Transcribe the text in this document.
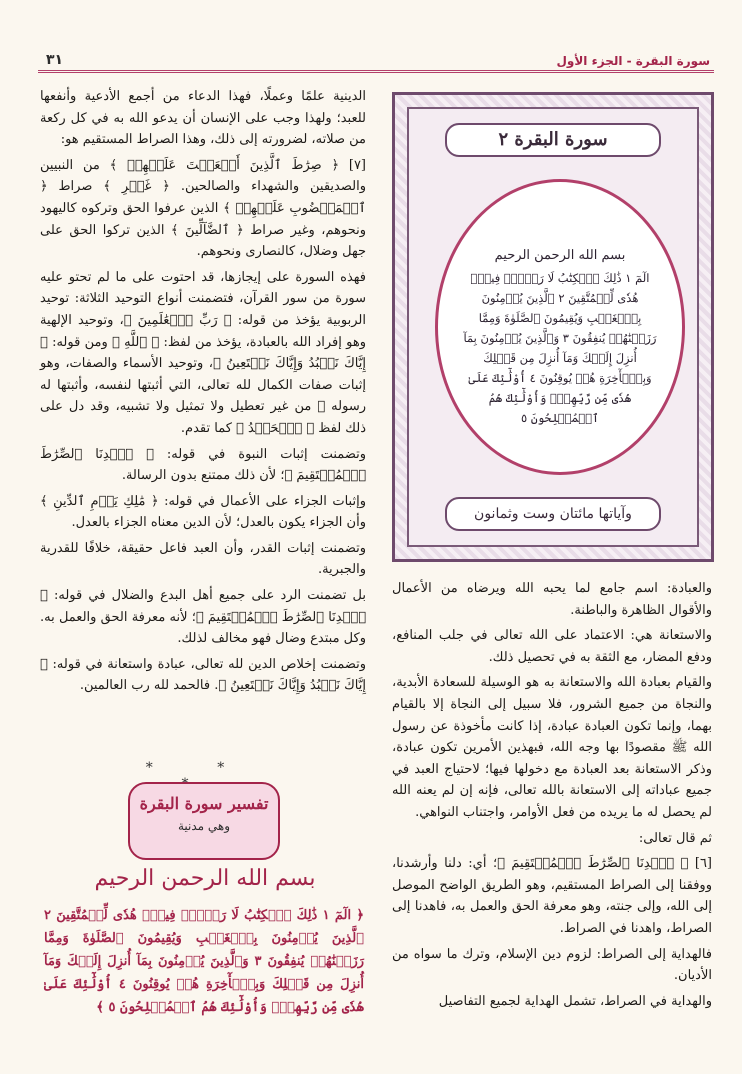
٣١	سورة البقرة - الجزء الأول

الدينية علمًا وعملًا، فهذا الدعاء من أجمع الأدعية وأنفعها للعبد؛ ولهذا وجب على الإنسان أن يدعو الله به في كل ركعة من صلاته، لضرورته إلى ذلك، وهذا الصراط المستقيم هو:

[٧] ﴿ صِرَٰطَ ٱلَّذِينَ أَنۡعَمۡتَ عَلَيۡهِمۡ ﴾ من النبيين والصديقين والشهداء والصالحين. ﴿ غَيۡرِ ﴾ صراط ﴿ ٱلۡمَغۡضُوبِ عَلَيۡهِمۡ ﴾ الذين عرفوا الحق وتركوه كاليهود ونحوهم، وغير صراط ﴿ ٱلضَّآلِّينَ ﴾ الذين تركوا الحق على جهل وضلال، كالنصارى ونحوهم.

فهذه السورة على إيجازها، قد احتوت على ما لم تحتو عليه سورة من سور القرآن، فتضمنت أنواع التوحيد الثلاثة: توحيد الربوبية يؤخذ من قوله: ﴿ رَبِّ ٱلۡعَٰلَمِينَ ﴾، وتوحيد الإلهية وهو إفراد الله بالعبادة، يؤخذ من لفظ: ﴿ ٱللَّهِ ﴾ ومن قوله: ﴿ إِيَّاكَ نَعۡبُدُ وَإِيَّاكَ نَسۡتَعِينُ ﴾، وتوحيد الأسماء والصفات، وهو إثبات صفات الكمال لله تعالى، التي أثبتها لنفسه، وأثبتها له رسوله ﷺ من غير تعطيل ولا تمثيل ولا تشبيه، وقد دل على ذلك لفظ ﴿ ٱلۡحَمۡدُ ﴾ كما تقدم.

وتضمنت إثبات النبوة في قوله: ﴿ ٱهۡدِنَا ٱلصِّرَٰطَ ٱلۡمُسۡتَقِيمَ ﴾؛ لأن ذلك ممتنع بدون الرسالة.

وإثبات الجزاء على الأعمال في قوله: ﴿ مَٰلِكِ يَوۡمِ ٱلدِّينِ ﴾ وأن الجزاء يكون بالعدل؛ لأن الدين معناه الجزاء بالعدل.

وتضمنت إثبات القدر، وأن العبد فاعل حقيقة، خلافًا للقدرية والجبرية.

بل تضمنت الرد على جميع أهل البدع والضلال في قوله: ﴿ ٱهۡدِنَا ٱلصِّرَٰطَ ٱلۡمُسۡتَقِيمَ ﴾؛ لأنه معرفة الحق والعمل به. وكل مبتدع وضال فهو مخالف لذلك.

وتضمنت إخلاص الدين لله تعالى، عبادة واستعانة في قوله: ﴿ إِيَّاكَ نَعۡبُدُ وَإِيَّاكَ نَسۡتَعِينُ ﴾. فالحمد لله رب العالمين.

* *
تفسير سورة البقرة
وهي مدنية
بسم الله الرحمن الرحيم
﴿ الٓمٓ ١ ذَٰلِكَ ٱلۡكِتَٰبُ لَا رَيۡبَۛ فِيهِۛ هُدٗى لِّلۡمُتَّقِينَ ٢ ٱلَّذِينَ يُؤۡمِنُونَ بِٱلۡغَيۡبِ وَيُقِيمُونَ ٱلصَّلَوٰةَ وَمِمَّا رَزَقۡنَٰهُمۡ يُنفِقُونَ ٣ وَٱلَّذِينَ يُؤۡمِنُونَ بِمَآ أُنزِلَ إِلَيۡكَ وَمَآ أُنزِلَ مِن قَبۡلِكَ وَبِٱلۡأٓخِرَةِ هُمۡ يُوقِنُونَ ٤ أُوْلَٰٓئِكَ عَلَىٰ هُدٗى مِّن رَّبِّهِمۡۖ وَأُوْلَٰٓئِكَ هُمُ ٱلۡمُفۡلِحُونَ ٥ ﴾
سورة البقرة ٢
بسم الله الرحمن الرحيم
الٓمٓ ١ ذَٰلِكَ ٱلۡكِتَٰبُ لَا رَيۡبَۛ فِيهِۛ هُدٗى لِّلۡمُتَّقِينَ ٢ ٱلَّذِينَ يُؤۡمِنُونَ بِٱلۡغَيۡبِ وَيُقِيمُونَ ٱلصَّلَوٰةَ وَمِمَّا رَزَقۡنَٰهُمۡ يُنفِقُونَ ٣ وَٱلَّذِينَ يُؤۡمِنُونَ بِمَآ أُنزِلَ إِلَيۡكَ وَمَآ أُنزِلَ مِن قَبۡلِكَ وَبِٱلۡأٓخِرَةِ هُمۡ يُوقِنُونَ ٤ أُوْلَٰٓئِكَ عَلَىٰ هُدٗى مِّن رَّبِّهِمۡۖ وَأُوْلَٰٓئِكَ هُمُ ٱلۡمُفۡلِحُونَ ٥
وآياتها مائتان وست وثمانون

والعبادة: اسم جامع لما يحبه الله ويرضاه من الأعمال والأقوال الظاهرة والباطنة.

والاستعانة هي: الاعتماد على الله تعالى في جلب المنافع، ودفع المضار، مع الثقة به في تحصيل ذلك.

والقيام بعبادة الله والاستعانة به هو الوسيلة للسعادة الأبدية، والنجاة من جميع الشرور، فلا سبيل إلى النجاة إلا بالقيام بهما، وإنما تكون العبادة عبادة، إذا كانت مأخوذة عن رسول الله ﷺ مقصودًا بها وجه الله، فبهذين الأمرين تكون عبادة، وذكر الاستعانة بعد العبادة مع دخولها فيها؛ لاحتياج العبد في جميع عباداته إلى الاستعانة بالله تعالى، فإنه إن لم يعنه الله لم يحصل له ما يريده من فعل الأوامر، واجتناب النواهي.

ثم قال تعالى:

[٦] ﴿ ٱهۡدِنَا ٱلصِّرَٰطَ ٱلۡمُسۡتَقِيمَ ﴾؛ أي: دلنا وأرشدنا، ووفقنا إلى الصراط المستقيم، وهو الطريق الواضح الموصل إلى الله، وإلى جنته، وهو معرفة الحق والعمل به، فاهدنا إلى الصراط، واهدنا في الصراط.

فالهداية إلى الصراط: لزوم دين الإسلام، وترك ما سواه من الأديان.

والهداية في الصراط، تشمل الهداية لجميع التفاصيل
